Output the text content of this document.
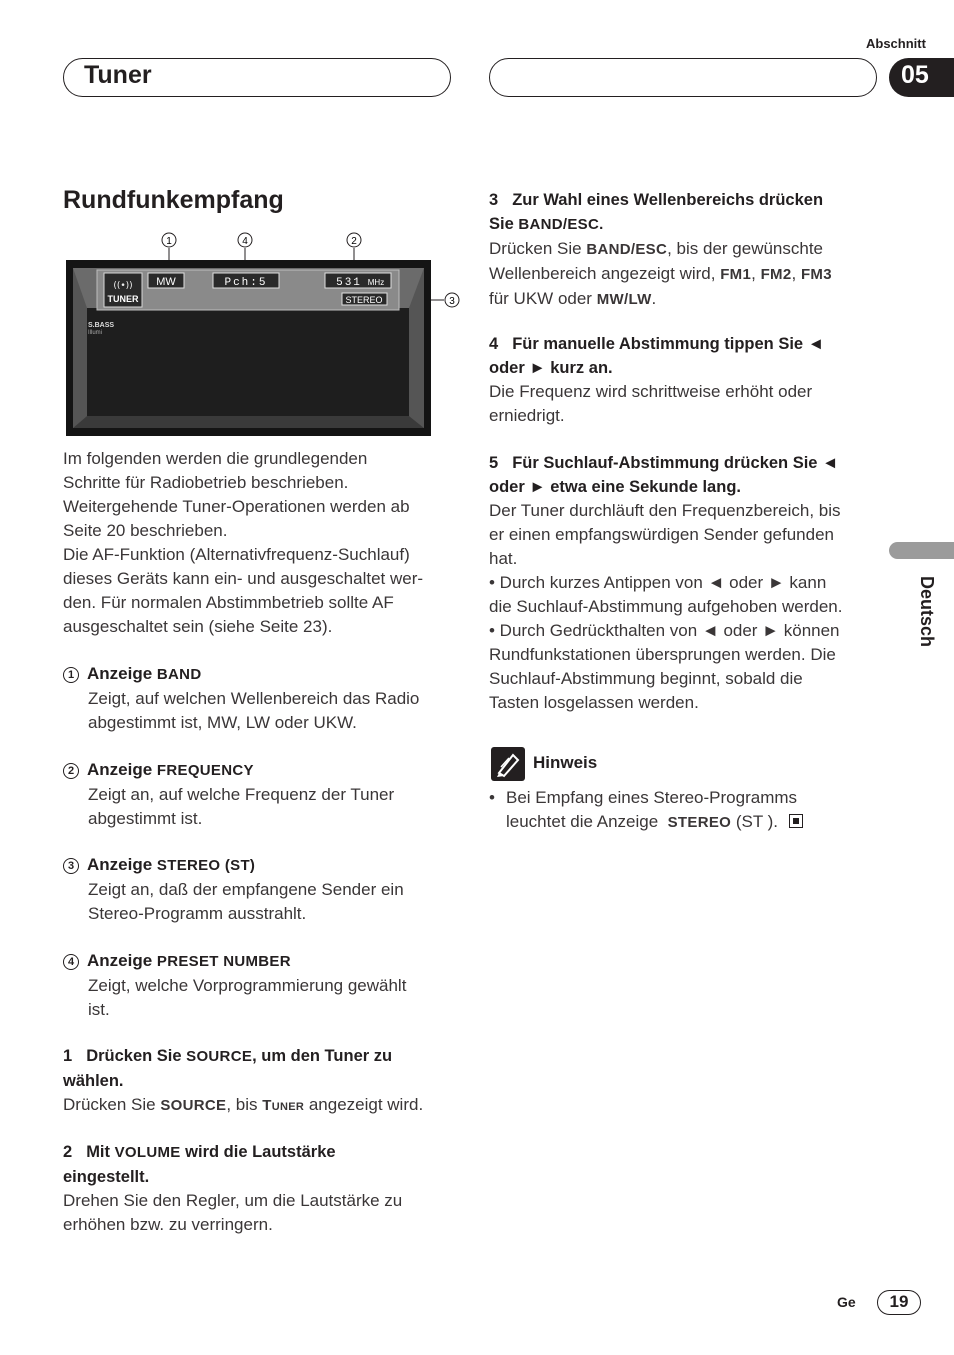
Abschnitt
Tuner	05
Deutsch
Rundfunkempfang
1	4	2
3
((•))
TUNER
MW	Pch:5	531 MHz
STEREO
S.BASS
Illumi
Im folgenden werden die grundlegenden
Schritte für Radiobetrieb beschrieben.
Weitergehende Tuner-Operationen werden ab
Seite 20 beschrieben.
Die AF-Funktion (Alternativfrequenz-Suchlauf)
dieses Geräts kann ein- und ausgeschaltet wer-
den. Für normalen Abstimmbetrieb sollte AF
ausgeschaltet sein (siehe Seite 23).
1 Anzeige BAND
Zeigt, auf welchen Wellenbereich das Radio
abgestimmt ist, MW, LW oder UKW.
2 Anzeige FREQUENCY
Zeigt an, auf welche Frequenz der Tuner
abgestimmt ist.
3 Anzeige STEREO (ST)
Zeigt an, daß der empfangene Sender ein
Stereo-Programm ausstrahlt.
4 Anzeige PRESET NUMBER
Zeigt, welche Vorprogrammierung gewählt
ist.
1 Drücken Sie SOURCE, um den Tuner zu
wählen.
Drücken Sie SOURCE, bis Tuner angezeigt wird.
2 Mit VOLUME wird die Lautstärke
eingestellt.
Drehen Sie den Regler, um die Lautstärke zu
erhöhen bzw. zu verringern.
3 Zur Wahl eines Wellenbereichs drücken
Sie BAND/ESC.
Drücken Sie BAND/ESC, bis der gewünschte
Wellenbereich angezeigt wird, FM1, FM2, FM3
für UKW oder MW/LW.
4 Für manuelle Abstimmung tippen Sie ◄
oder ► kurz an.
Die Frequenz wird schrittweise erhöht oder
erniedrigt.
5 Für Suchlauf-Abstimmung drücken Sie ◄
oder ► etwa eine Sekunde lang.
Der Tuner durchläuft den Frequenzbereich, bis
er einen empfangswürdigen Sender gefunden
hat.
• Durch kurzes Antippen von ◄ oder ► kann
die Suchlauf-Abstimmung aufgehoben werden.
• Durch Gedrückthalten von ◄ oder ► können
Rundfunkstationen übersprungen werden. Die
Suchlauf-Abstimmung beginnt, sobald die
Tasten losgelassen werden.
Hinweis
• Bei Empfang eines Stereo-Programms
leuchtet die Anzeige STEREO (ST ).
Ge	19
